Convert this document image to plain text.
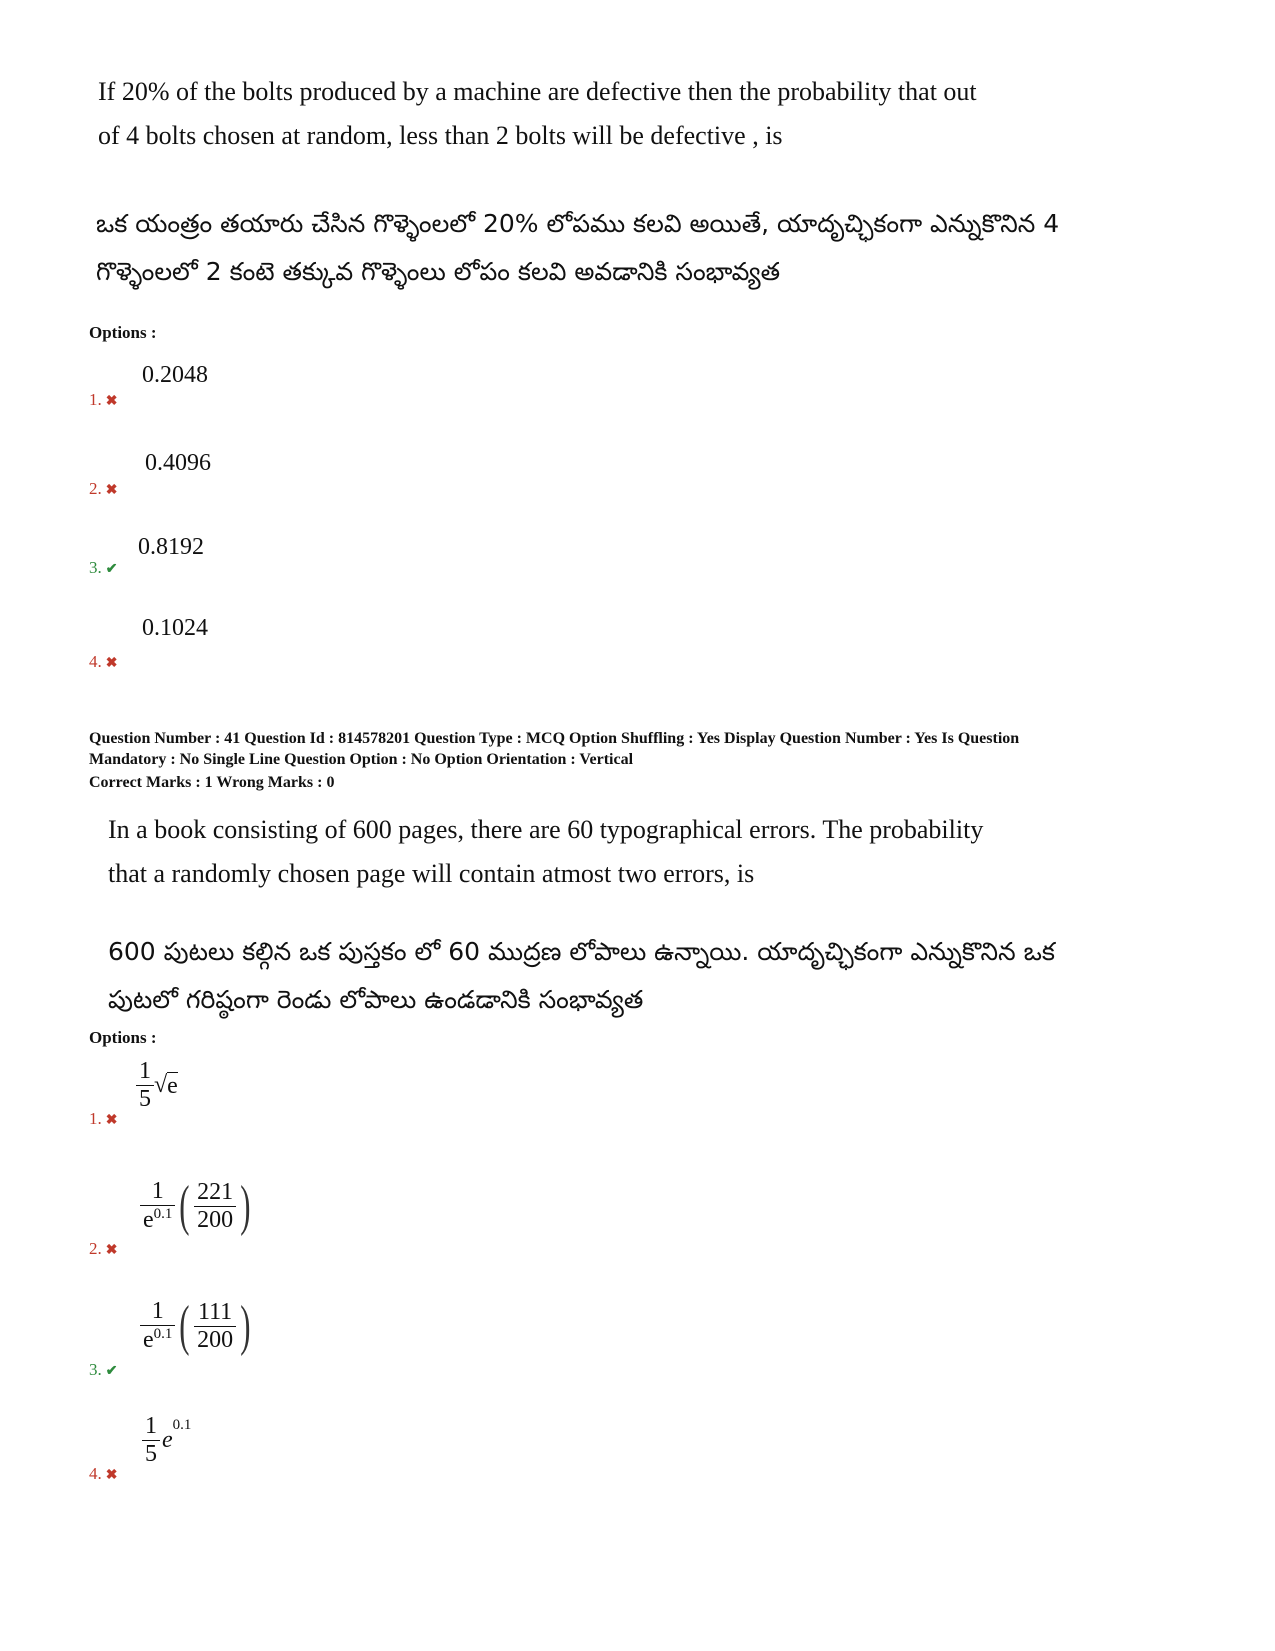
If 20% of the bolts produced by a machine are defective then the probability that out
of 4 bolts chosen at random, less than 2 bolts will be defective , is
ఒక యంత్రం తయారు చేసిన గొళ్ళెంలలో 20% లోపము కలవి అయితే, యాదృచ్ఛికంగా ఎన్నుకొనిన 4
గొళ్ళెంలలో 2 కంటె తక్కువ గొళ్ళెంలు లోపం కలవి అవడానికి సంభావ్యత
Options :
0.2048
1. ✖
0.4096
2. ✖
0.8192
3. ✔
0.1024
4. ✖
Question Number : 41 Question Id : 814578201 Question Type : MCQ Option Shuffling : Yes Display Question Number : Yes Is Question
Mandatory : No Single Line Question Option : No Option Orientation : Vertical
Correct Marks : 1 Wrong Marks : 0
In a book consisting of 600 pages, there are 60 typographical errors. The probability
that a randomly chosen page will contain atmost two errors, is
600 పుటలు కల్గిన ఒక పుస్తకం లో 60 ముద్రణ లోపాలు ఉన్నాయి. యాదృచ్ఛికంగా ఎన్నుకొనిన ఒక
పుటలో గరిష్ఠంగా రెండు లోపాలు ఉండడానికి సంభావ్యత
Options :
$\frac{1}{5}$ √ e
1. ✖
$\frac{1}{e^{0.1}}$ ( $\frac{221}{200}$ )
2. ✖
$\frac{1}{e^{0.1}}$ ( $\frac{111}{200}$ )
3. ✔
$\frac{1}{5}$ e
$^{0.1}$
4. ✖
